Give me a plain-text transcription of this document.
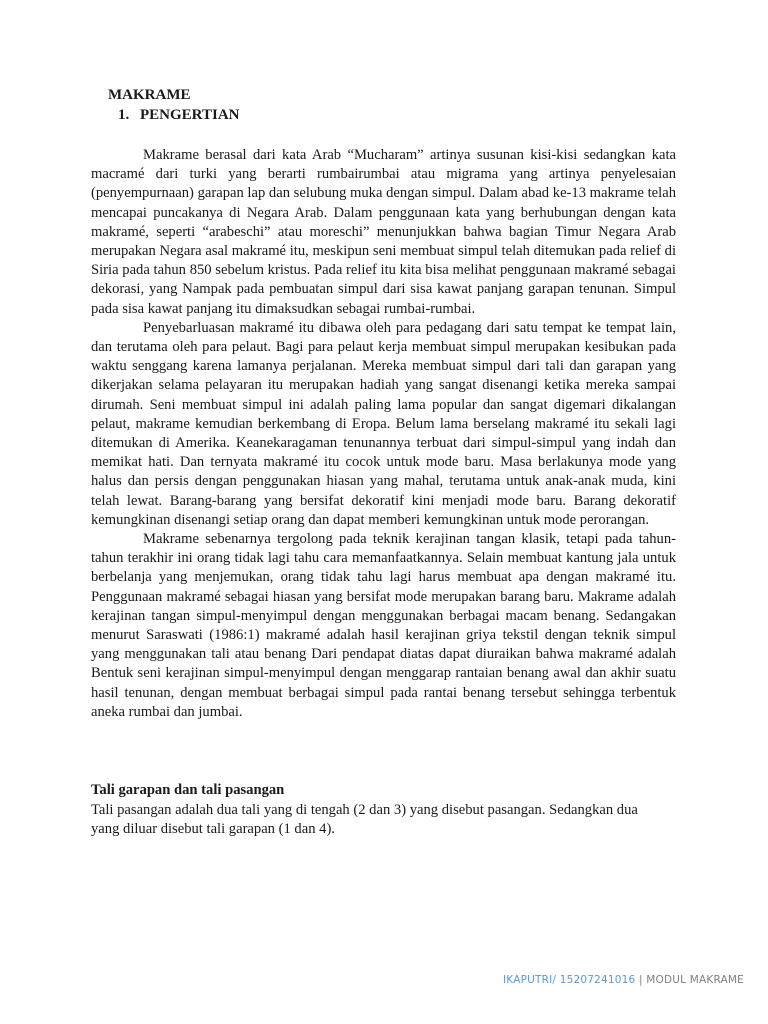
MAKRAME
1. PENGERTIAN

Makrame berasal dari kata Arab “Mucharam” artinya susunan kisi-kisi sedangkan kata macramé dari turki yang berarti rumbairumbai atau migrama yang artinya penyelesaian (penyempurnaan) garapan lap dan selubung muka dengan simpul. Dalam abad ke-13 makrame telah mencapai puncakanya di Negara Arab. Dalam penggunaan kata yang berhubungan dengan kata makramé, seperti “arabeschi” atau moreschi” menunjukkan bahwa bagian Timur Negara Arab merupakan Negara asal makramé itu, meskipun seni membuat simpul telah ditemukan pada relief di Siria pada tahun 850 sebelum kristus. Pada relief itu kita bisa melihat penggunaan makramé sebagai dekorasi, yang Nampak pada pembuatan simpul dari sisa kawat panjang garapan tenunan. Simpul pada sisa kawat panjang itu dimaksudkan sebagai rumbai-rumbai.

Penyebarluasan makramé itu dibawa oleh para pedagang dari satu tempat ke tempat lain, dan terutama oleh para pelaut. Bagi para pelaut kerja membuat simpul merupakan kesibukan pada waktu senggang karena lamanya perjalanan. Mereka membuat simpul dari tali dan garapan yang dikerjakan selama pelayaran itu merupakan hadiah yang sangat disenangi ketika mereka sampai dirumah. Seni membuat simpul ini adalah paling lama popular dan sangat digemari dikalangan pelaut, makrame kemudian berkembang di Eropa. Belum lama berselang makramé itu sekali lagi ditemukan di Amerika. Keanekaragaman tenunannya terbuat dari simpul-simpul yang indah dan memikat hati. Dan ternyata makramé itu cocok untuk mode baru. Masa berlakunya mode yang halus dan persis dengan penggunakan hiasan yang mahal, terutama untuk anak-anak muda, kini telah lewat. Barang-barang yang bersifat dekoratif kini menjadi mode baru. Barang dekoratif kemungkinan disenangi setiap orang dan dapat memberi kemungkinan untuk mode perorangan.

Makrame sebenarnya tergolong pada teknik kerajinan tangan klasik, tetapi pada tahun-tahun terakhir ini orang tidak lagi tahu cara memanfaatkannya. Selain membuat kantung jala untuk berbelanja yang menjemukan, orang tidak tahu lagi harus membuat apa dengan makramé itu. Penggunaan makramé sebagai hiasan yang bersifat mode merupakan barang baru. Makrame adalah kerajinan tangan simpul-menyimpul dengan menggunakan berbagai macam benang. Sedangakan menurut Saraswati (1986:1) makramé adalah hasil kerajinan griya tekstil dengan teknik simpul yang menggunakan tali atau benang Dari pendapat diatas dapat diuraikan bahwa makramé adalah Bentuk seni kerajinan simpul-menyimpul dengan menggarap rantaian benang awal dan akhir suatu hasil tenunan, dengan membuat berbagai simpul pada rantai benang tersebut sehingga terbentuk aneka rumbai dan jumbai.

Tali garapan dan tali pasangan
Tali pasangan adalah dua tali yang di tengah (2 dan 3) yang disebut pasangan. Sedangkan dua yang diluar disebut tali garapan (1 dan 4).
IKAPUTRI/ 15207241016 | MODUL MAKRAME
